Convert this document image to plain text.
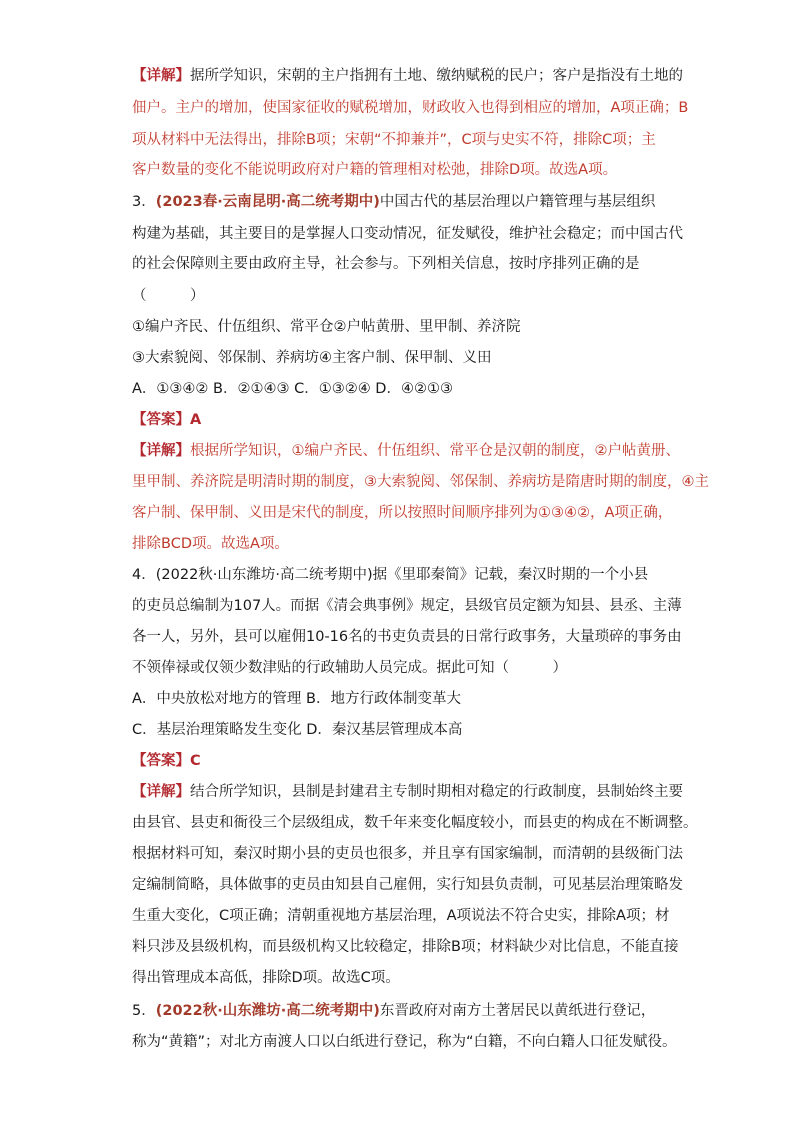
【详解】据所学知识，宋朝的主户指拥有土地、缴纳赋税的民户；客户是指没有土地的
佃户。主户的增加，使国家征收的赋税增加，财政收入也得到相应的增加，A项正确；B
项从材料中无法得出，排除B项；宋朝“不抑兼并”，C项与史实不符，排除C项；主
客户数量的变化不能说明政府对户籍的管理相对松弛，排除D项。故选A项。
3．(2023春·云南昆明·高二统考期中)中国古代的基层治理以户籍管理与基层组织
构建为基础，其主要目的是掌握人口变动情况，征发赋役，维护社会稳定；而中国古代
的社会保障则主要由政府主导，社会参与。下列相关信息，按时序排列正确的是
（　　　）
①编户齐民、什伍组织、常平仓②户帖黄册、里甲制、养济院
③大索貌阅、邻保制、养病坊④主客户制、保甲制、义田
A．①③④② B．②①④③ C．①③②④ D．④②①③
【答案】A
【详解】根据所学知识，①编户齐民、什伍组织、常平仓是汉朝的制度，②户帖黄册、
里甲制、养济院是明清时期的制度，③大索貌阅、邻保制、养病坊是隋唐时期的制度，④主
客户制、保甲制、义田是宋代的制度，所以按照时间顺序排列为①③④②，A项正确，
排除BCD项。故选A项。
4．(2022秋·山东潍坊·高二统考期中)据《里耶秦简》记载，秦汉时期的一个小县
的吏员总编制为107人。而据《清会典事例》规定，县级官员定额为知县、县丞、主薄
各一人，另外，县可以雇佣10-16名的书吏负责县的日常行政事务，大量琐碎的事务由
不领俸禄或仅领少数津贴的行政辅助人员完成。据此可知（　　　）
A．中央放松对地方的管理 B．地方行政体制变革大
C．基层治理策略发生变化 D．秦汉基层管理成本高
【答案】C
【详解】结合所学知识，县制是封建君主专制时期相对稳定的行政制度，县制始终主要
由县官、县吏和衙役三个层级组成，数千年来变化幅度较小，而县吏的构成在不断调整。
根据材料可知，秦汉时期小县的吏员也很多，并且享有国家编制，而清朝的县级衙门法
定编制简略，具体做事的吏员由知县自己雇佣，实行知县负责制，可见基层治理策略发
生重大变化，C项正确；清朝重视地方基层治理，A项说法不符合史实，排除A项；材
料只涉及县级机构，而县级机构又比较稳定，排除B项；材料缺少对比信息，不能直接
得出管理成本高低，排除D项。故选C项。
5．(2022秋·山东潍坊·高二统考期中)东晋政府对南方土著居民以黄纸进行登记，
称为“黄籍”；对北方南渡人口以白纸进行登记，称为“白籍，不向白籍人口征发赋役。
